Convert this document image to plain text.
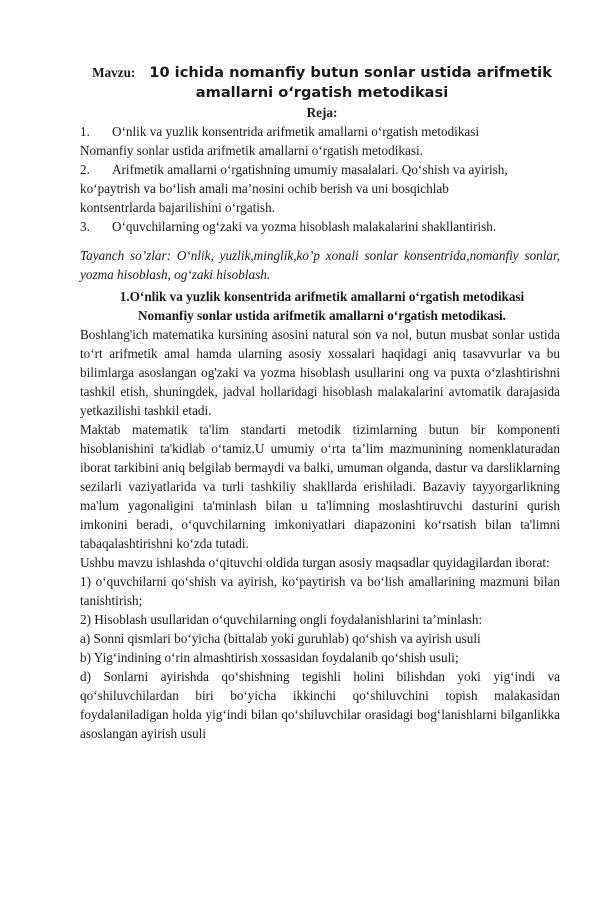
Mavzu: 10 ichida nomanfiy butun sonlar ustida arifmetik
amallarni o‘rgatish metodikasi
Reja:
1. O‘nlik va yuzlik konsentrida arifmetik amallarni o‘rgatish metodikasi
Nomanfiy sonlar ustida arifmetik amallarni o‘rgatish metodikasi.
2. Arifmetik amallarni o‘rgatishning umumiy masalalari. Qo‘shish va ayirish,

ko‘paytrish va bo‘lish amali ma’nosini ochib berish va uni bosqichlab kontsentrlarda bajarilishini o‘rgatish.
3. O‘quvchilarning og‘zaki va yozma hisoblash malakalarini shakllantirish.

Tayanch so’zlar: O‘nlik, yuzlik,minglik,ko’p xonali sonlar konsentrida,nomanfiy sonlar, yozma hisoblash, og‘zaki hisoblash.

1.O‘nlik va yuzlik konsentrida arifmetik amallarni o‘rgatish metodikasi
Nomanfiy sonlar ustida arifmetik amallarni o‘rgatish metodikasi.

Boshlang'ich matematika kursining asosini natural son va nol, butun musbat sonlar ustida to‘rt arifmetik amal hamda ularning asosiy xossalari haqidagi aniq tasavvurlar va bu bilimlarga asoslangan og'zaki va yozma hisoblash usullarini ong va puxta o‘zlashtirishni tashkil etish, shuningdek, jadval hollaridagi hisoblash malakalarini avtomatik darajasida yetkazilishi tashkil etadi.

Maktab matematik ta'lim standarti metodik tizimlarning butun bir komponenti hisoblanishini ta'kidlab o‘tamiz.U umumiy o‘rta ta’lim mazmunining nomenklaturadan iborat tarkibini aniq belgilab bermaydi va balki, umuman olganda, dastur va darsliklarning sezilarli vaziyatlarida va turli tashkiliy shakllarda erishiladi. Bazaviy tayyorgarlikning ma'lum yagonaligini ta'minlash bilan u ta'limning moslashtiruvchi dasturini qurish imkonini beradi, o‘quvchilarning imkoniyatlari diapazonini ko‘rsatish bilan ta'limni tabaqalashtirishni ko‘zda tutadi.

Ushbu mavzu ishlashda o‘qituvchi oldida turgan asosiy maqsadlar quyidagilardan iborat:

1) o‘quvchilarni qo‘shish va ayirish, ko‘paytirish va bo‘lish amallarining mazmuni bilan tanishtirish;

2) Hisoblash usullaridan o‘quvchilarning ongli foydalanishlarini ta’minlash:

a) Sonni qismlari bo‘yicha (bittalab yoki guruhlab) qo‘shish va ayirish usuli

b) Yig‘indining o‘rin almashtirish xossasidan foydalanib qo‘shish usuli;

d) Sonlarni ayirishda qo‘shishning tegishli holini bilishdan yoki yig‘indi va qo‘shiluvchilardan biri bo‘yicha ikkinchi qo‘shiluvchini topish malakasidan foydalaniladigan holda yig‘indi bilan qo‘shiluvchilar orasidagi bog‘lanishlarni bilganlikka asoslangan ayirish usuli
